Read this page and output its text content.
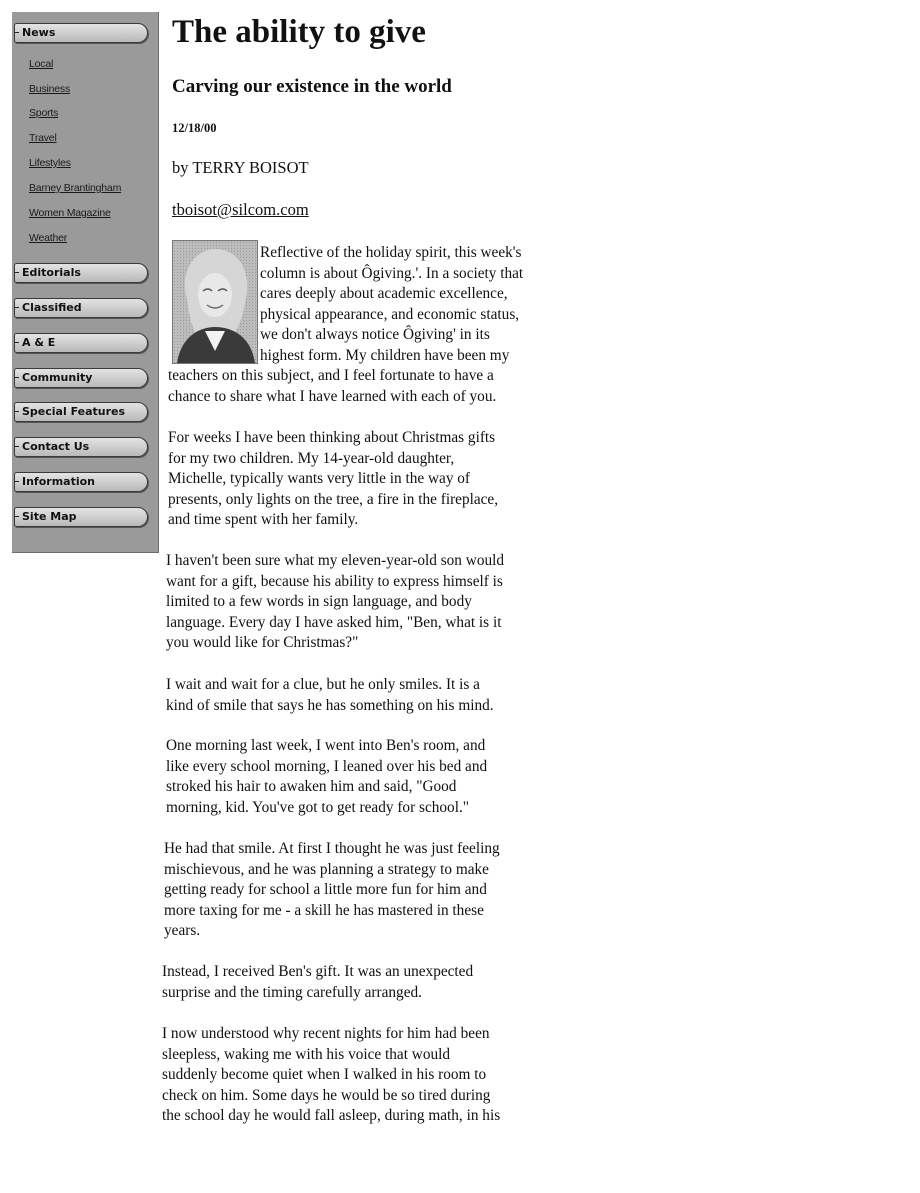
News
Local
Business
Sports
Travel
Lifestyles
Barney Brantingham
Women Magazine
Weather
Editorials
Classified
A & E
Community
Special Features
Contact Us
Information
Site Map
The ability to give
Carving our existence in the world
12/18/00
by TERRY BOISOT
tboisot@silcom.com
Reflective of the holiday spirit, this week's
column is about Ôgiving.'. In a society that
cares deeply about academic excellence,
physical appearance, and economic status,
we don't always notice Ôgiving' in its
highest form. My children have been my
teachers on this subject, and I feel fortunate to have a
chance to share what I have learned with each of you.
For weeks I have been thinking about Christmas gifts
for my two children. My 14-year-old daughter,
Michelle, typically wants very little in the way of
presents, only lights on the tree, a fire in the fireplace,
and time spent with her family.
I haven't been sure what my eleven-year-old son would
want for a gift, because his ability to express himself is
limited to a few words in sign language, and body
language. Every day I have asked him, "Ben, what is it
you would like for Christmas?"
I wait and wait for a clue, but he only smiles. It is a
kind of smile that says he has something on his mind.
One morning last week, I went into Ben's room, and
like every school morning, I leaned over his bed and
stroked his hair to awaken him and said, "Good
morning, kid. You've got to get ready for school."
He had that smile. At first I thought he was just feeling
mischievous, and he was planning a strategy to make
getting ready for school a little more fun for him and
more taxing for me - a skill he has mastered in these
years.
Instead, I received Ben's gift. It was an unexpected
surprise and the timing carefully arranged.
I now understood why recent nights for him had been
sleepless, waking me with his voice that would
suddenly become quiet when I walked in his room to
check on him. Some days he would be so tired during
the school day he would fall asleep, during math, in his
